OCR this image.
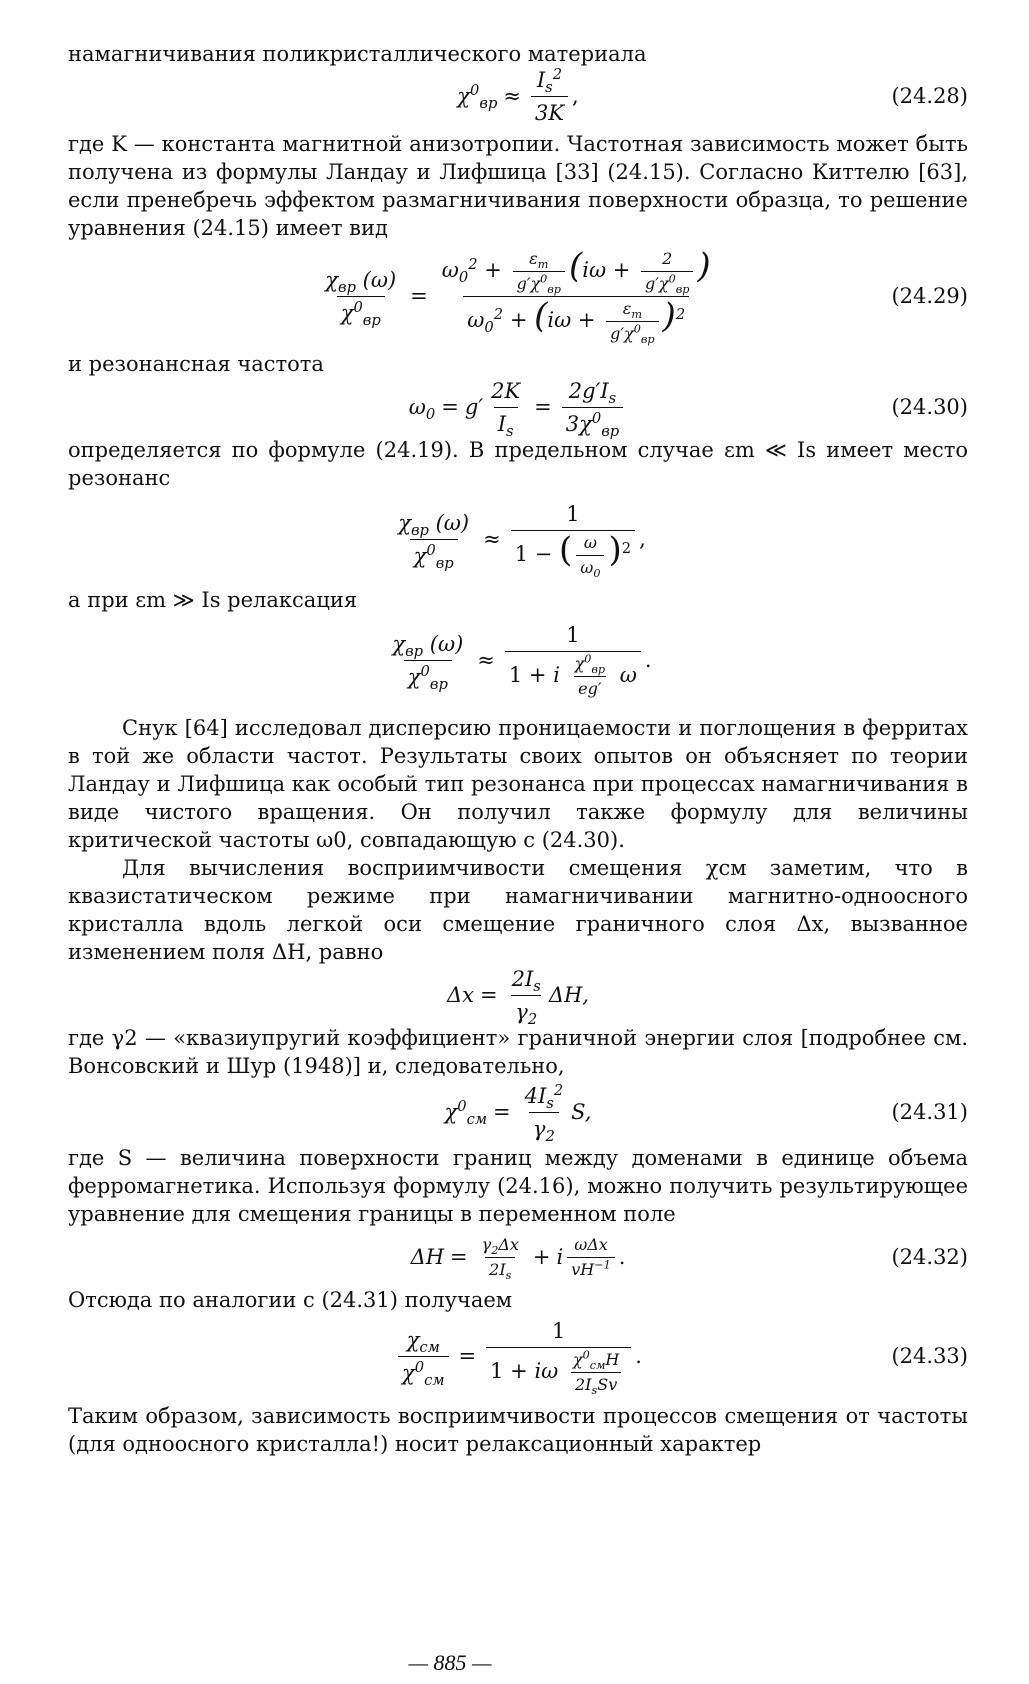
намагничивания поликристаллического материала

$\chi^0_{вр} \approx \frac{I_s^2}{3K}$ ,	(24.28)

где K — константа магнитной анизотропии. Частотная зависимость может быть получена из формулы Ландау и Лифшица [33] (24.15). Согласно Киттелю [63], если пренебречь эффектом размагничивания поверхности образца, то решение уравнения (24.15) имеет вид

$\chi_{вр}$ (ω)
$\chi^0_{вр}$
=
$\omega_0^2 + \varepsilon_m$
$g'\chi^0_{вр}$
(iω + 2
$g'\chi^0_{вр}$
)
$\omega_0^2 + (i\omega + \varepsilon_m$
$g'\chi^0_{вр}$
)$^2$
(24.29)

и резонансная частота

$\omega_0 = g' \frac{2K}{I_s}$ =
$2g'I_s$
$3\chi^0_{вр}$
(24.30)

определяется по формуле (24.19). В предельном случае εm ≪ Is имеет место резонанс

$\chi_{вр}$ (ω)
$\chi^0_{вр}$
≈ $\frac{1}{1 - ( \frac{\omega}{\omega_0} )^2}$ ,

а при εm ≫ Is релаксация

$\chi_{вр}$ (ω)
$\chi^0_{вр}$
≈
1
1 + i $\chi^0_{вр}$
eg′
ω
.

Снук [64] исследовал дисперсию проницаемости и поглощения в ферритах в той же области частот. Результаты своих опытов он объясняет по теории Ландау и Лифшица как особый тип резонанса при процессах намагничивания в виде чистого вращения. Он получил также формулу для величины критической частоты ω0, совпадающую с (24.30).

Для вычисления восприимчивости смещения χсм заметим, что в квазистатическом режиме при намагничивании магнитно-одноосного кристалла вдоль легкой оси смещение граничного слоя Δx, вызванное изменением поля ΔH, равно

$\Delta x = \frac{2I_s}{\gamma_2} \Delta H$,

где γ2 — «квазиупругий коэффициент» граничной энергии слоя [подробнее см. Вонсовский и Шур (1948)] и, следовательно,

$\chi^0_{см} = \frac{4I_s^2}{\gamma_2} S$,	(24.31)

где S — величина поверхности границ между доменами в единице объема ферромагнетика. Используя формулу (24.16), можно получить результирующее уравнение для смещения границы в переменном поле

$\Delta H = \frac{\gamma_2\Delta x}{2I_s} + i$
ωΔx
$vH^{-1}$ .	(24.32)

Отсюда по аналогии с (24.31) получаем

$\chi_{см}$
$\chi^0_{см}$
=
1
1 + iω $\chi^0_{см}H$
$2I_sSv$
.	(24.33)

Таким образом, зависимость восприимчивости процессов смещения от частоты (для одноосного кристалла!) носит релаксационный характер

— 885 —
